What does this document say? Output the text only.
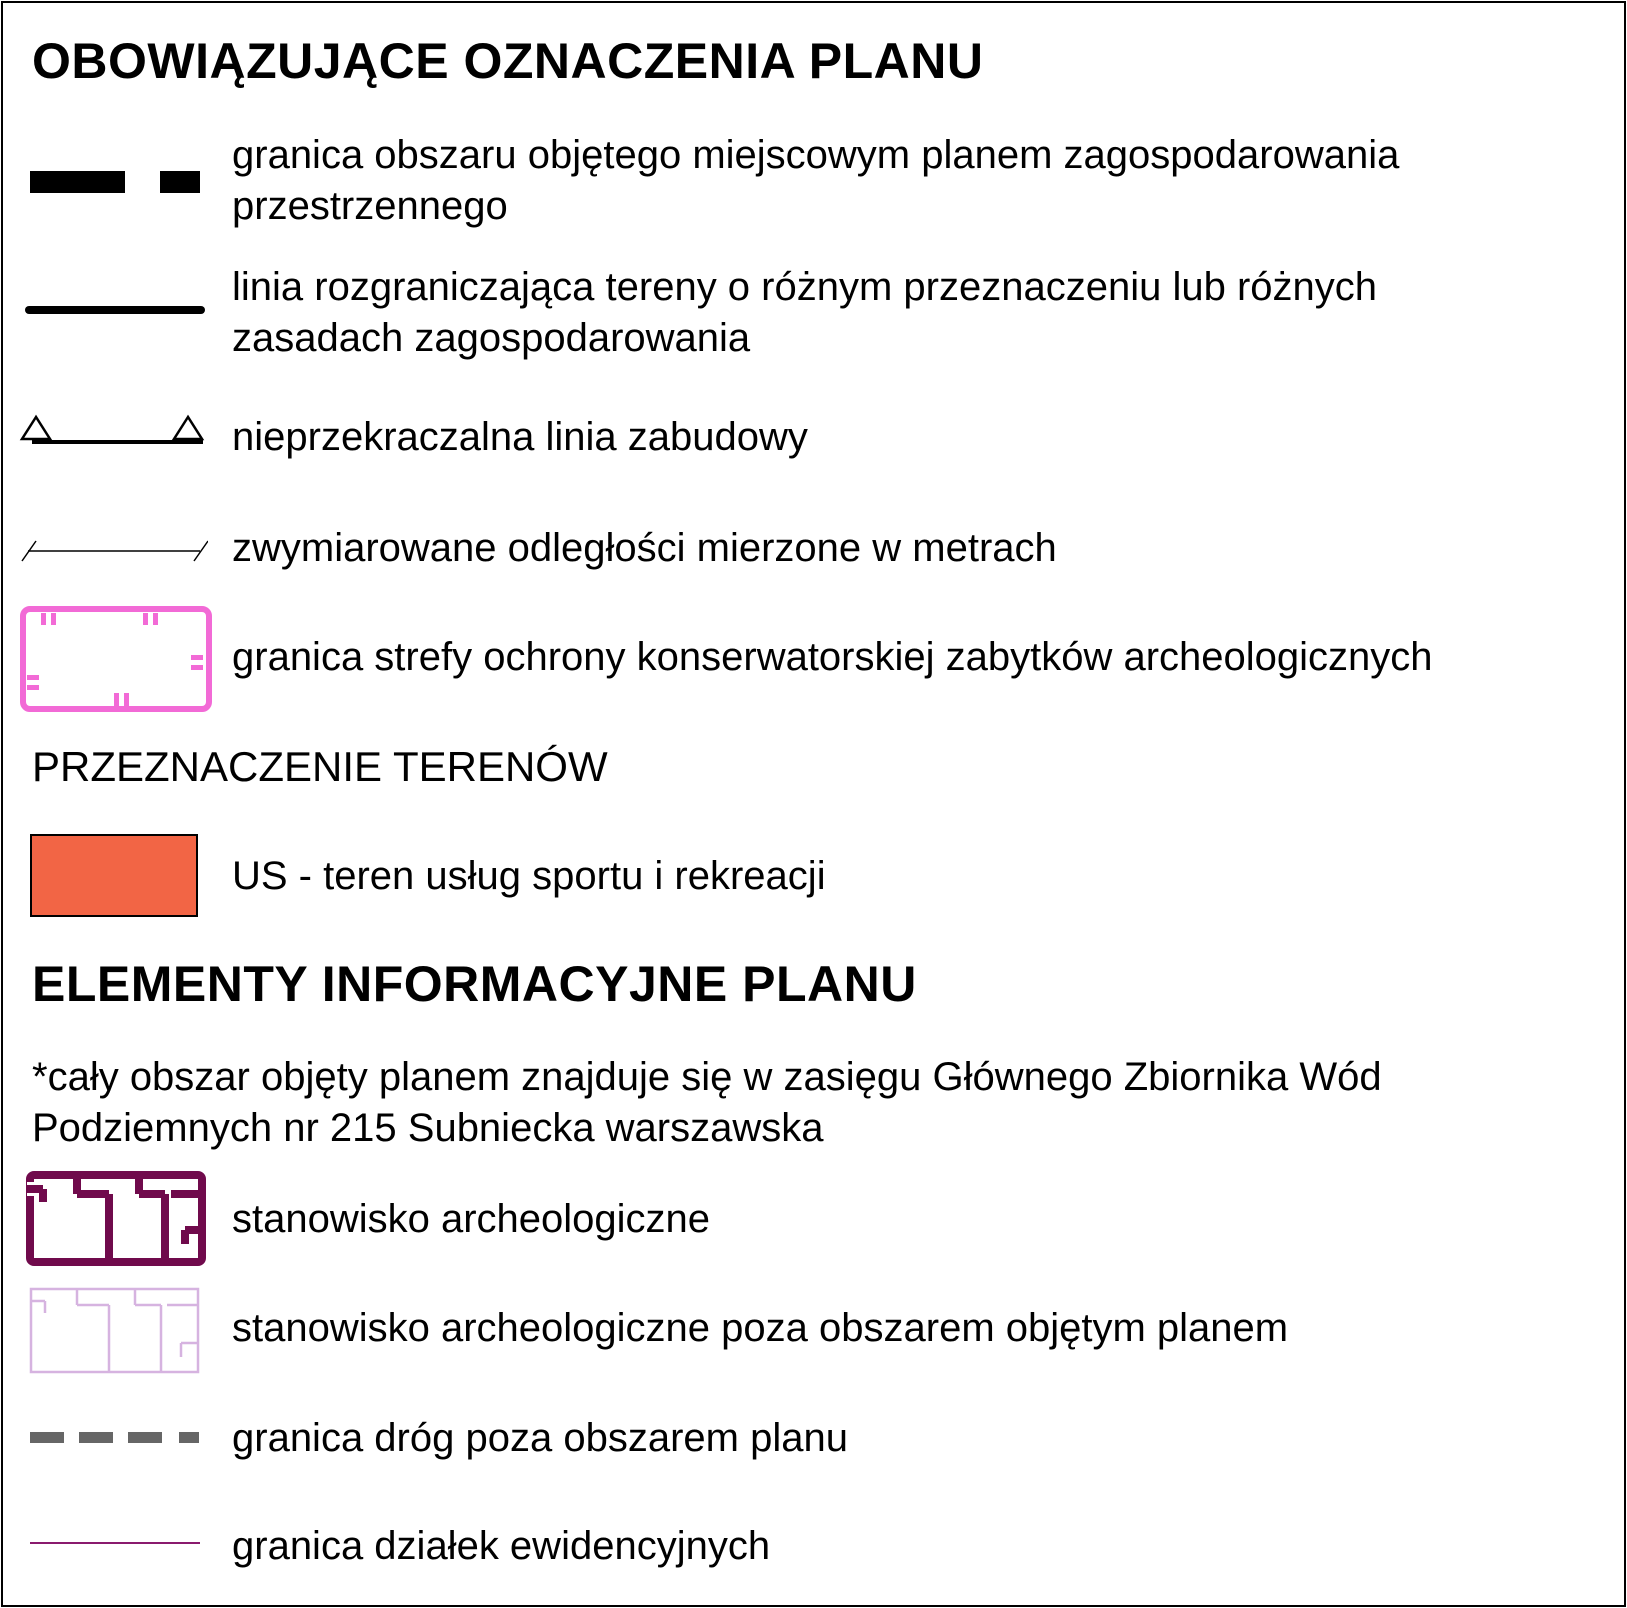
OBOWIĄZUJĄCE OZNACZENIA PLANU
granica obszaru objętego miejscowym planem zagospodarowania
przestrzennego
linia rozgraniczająca tereny o różnym przeznaczeniu lub różnych
zasadach zagospodarowania
nieprzekraczalna linia zabudowy
zwymiarowane odległości mierzone w metrach
granica strefy ochrony konserwatorskiej zabytków archeologicznych
PRZEZNACZENIE TERENÓW
US - teren usług sportu i rekreacji
ELEMENTY INFORMACYJNE PLANU
*cały obszar objęty planem znajduje się w zasięgu Głównego Zbiornika Wód
Podziemnych nr 215 Subniecka warszawska
stanowisko archeologiczne
stanowisko archeologiczne poza obszarem objętym planem
granica dróg poza obszarem planu
granica działek ewidencyjnych
